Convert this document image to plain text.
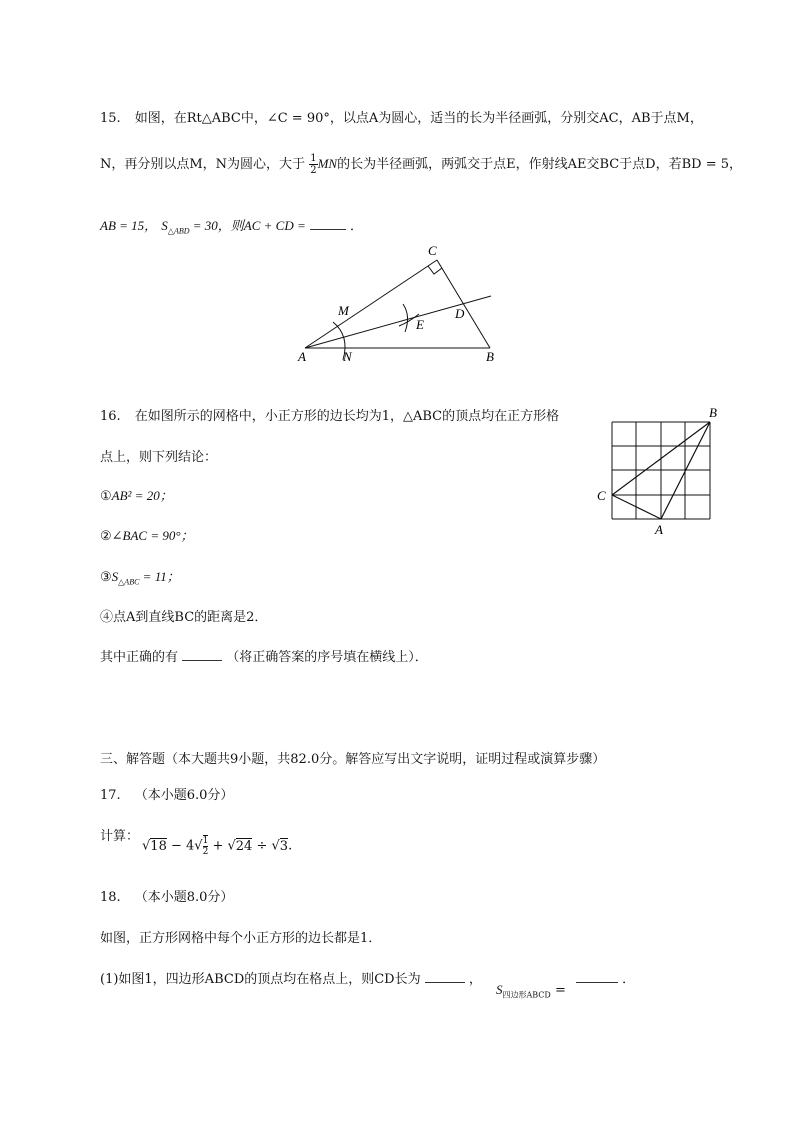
15. 如图，在Rt△ABC中，∠C = 90°，以点A为圆心，适当的长为半径画弧，分别交AC，AB于点M，
N，再分别以点M，N为圆心，大于 $\frac{1}{2}$ MN的长为半径画弧，两弧交于点E，作射线AE交BC于点D，若BD = 5，
AB = 15， $S_{\triangle ABD} = 30$，则AC + CD =	．
A	B
C
M
N
E
D
16. 在如图所示的网格中，小正方形的边长均为1，△ABC的顶点均在正方形格
点上，则下列结论：
①AB² = 20；
②∠BAC = 90°；
$③S_{\triangle ABC} = 11$；
④点A到直线BC的距离是2．
其中正确的有	（将正确答案的序号填在横线上）．
B
C
A
三、解答题（本大题共9小题，共82.0分。解答应写出文字说明，证明过程或演算步骤）
17. （本小题6.0分）
计算：
$√18 - 4√ \frac{1}{2} + √24 \div √3$.
18. （本小题8.0分）
如图，正方形网格中每个小正方形的边长都是1．
(1)如图1，四边形ABCD的顶点均在格点上，则CD长为	，
$S_{四边形ABCD}$ =
．
